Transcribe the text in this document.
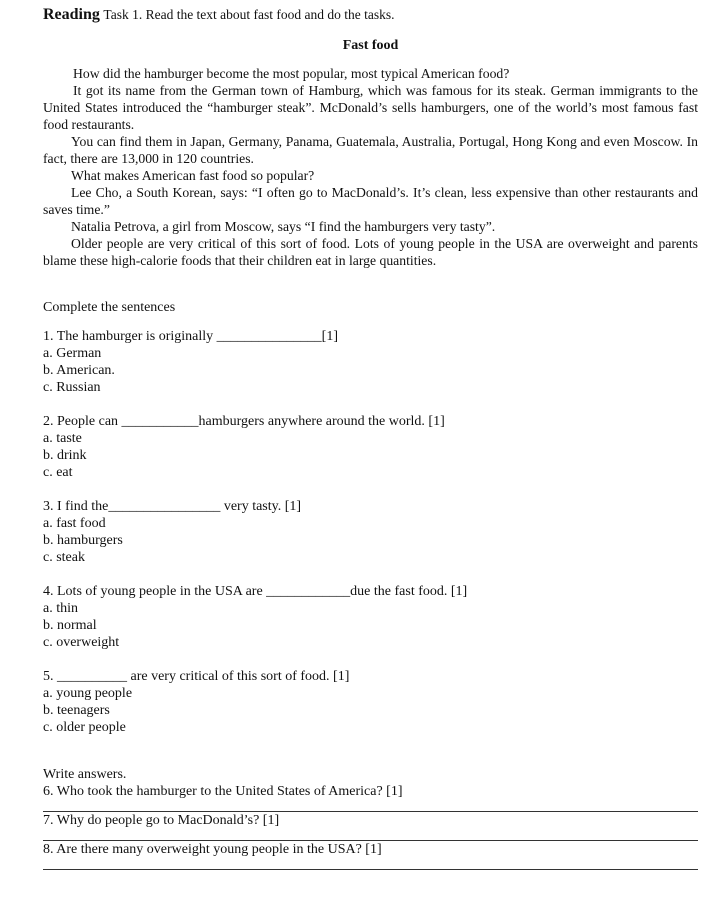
Reading Task 1. Read the text about fast food and do the tasks.
Fast food
How did the hamburger become the most popular, most typical American food?
It got its name from the German town of Hamburg, which was famous for its steak. German immigrants to the United States introduced the “hamburger steak”. McDonald’s sells hamburgers, one of the world’s most famous fast food restaurants.
You can find them in Japan, Germany, Panama, Guatemala, Australia, Portugal, Hong Kong and even Moscow. In fact, there are 13,000 in 120 countries.
What makes American fast food so popular?
Lee Cho, a South Korean, says: “I often go to MacDonald’s. It’s clean, less expensive than other restaurants and saves time.”
Natalia Petrova, a girl from Moscow, says “I find the hamburgers very tasty”.
Older people are very critical of this sort of food. Lots of young people in the USA are overweight and parents blame these high-calorie foods that their children eat in large quantities.
Complete the sentences
1. The hamburger is originally _______________[1]
a. German
b. American.
c. Russian
2. People can ___________hamburgers anywhere around the world. [1]
a. taste
b. drink
c. eat
3. I find the________________ very tasty. [1]
a. fast food
b. hamburgers
c. steak
4. Lots of young people in the USA are ____________due the fast food. [1]
a. thin
b. normal
c. overweight
5. __________ are very critical of this sort of food. [1]
a. young people
b. teenagers
c. older people
Write answers.
6. Who took the hamburger to the United States of America? [1]
7. Why do people go to MacDonald’s? [1]
8. Are there many overweight young people in the USA? [1]
